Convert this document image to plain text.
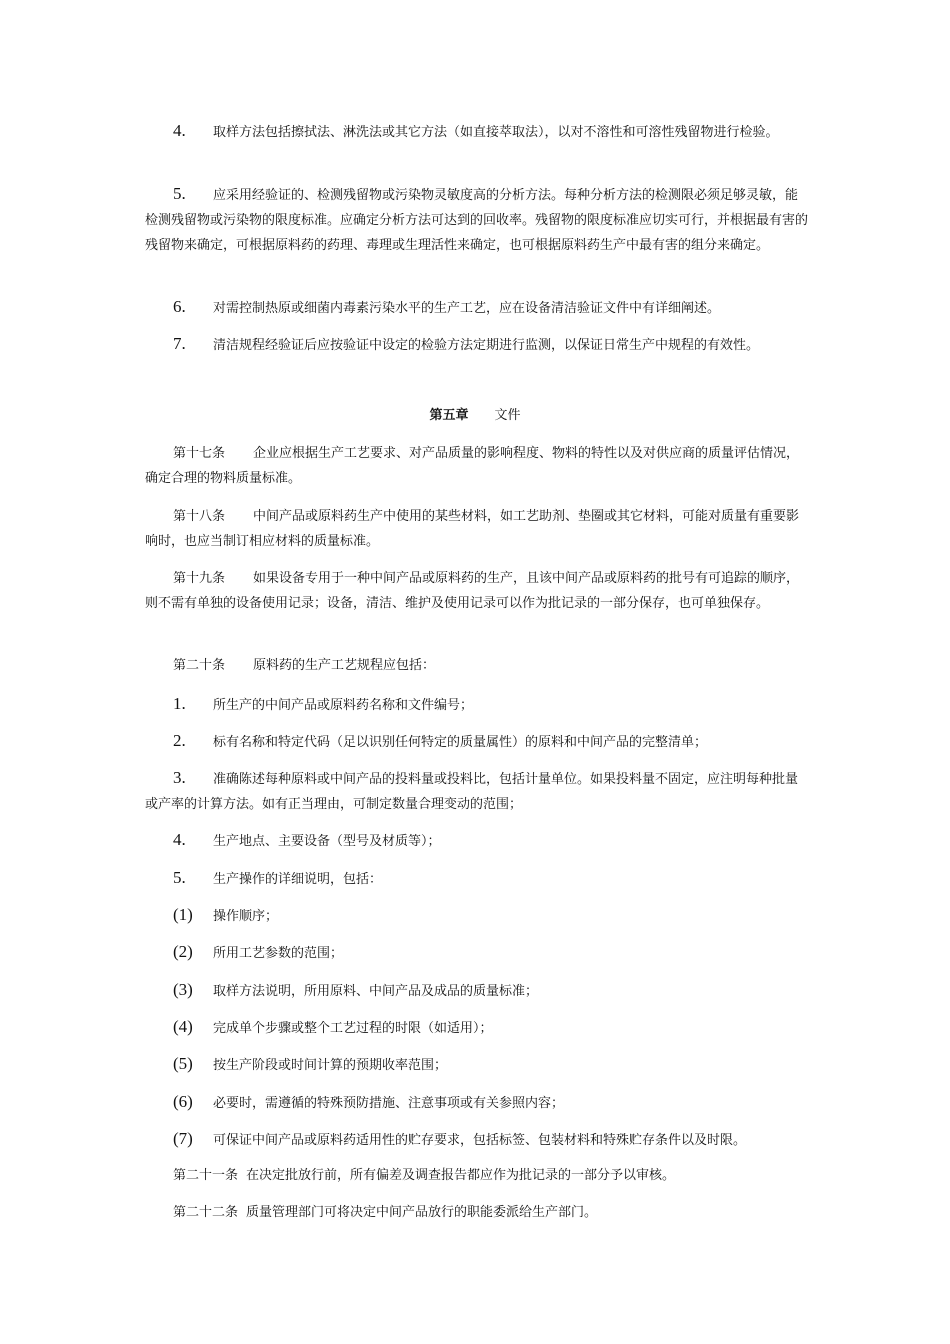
4. 取样方法包括擦拭法、淋洗法或其它方法（如直接萃取法），以对不溶性和可溶性残留物进行检验。
5. 应采用经验证的、检测残留物或污染物灵敏度高的分析方法。每种分析方法的检测限必须足够灵敏，能检测残留物或污染物的限度标准。应确定分析方法可达到的回收率。残留物的限度标准应切实可行，并根据最有害的残留物来确定，可根据原料药的药理、毒理或生理活性来确定，也可根据原料药生产中最有害的组分来确定。
6. 对需控制热原或细菌内毒素污染水平的生产工艺，应在设备清洁验证文件中有详细阐述。
7. 清洁规程经验证后应按验证中设定的检验方法定期进行监测，以保证日常生产中规程的有效性。
第五章 文件
第十七条 企业应根据生产工艺要求、对产品质量的影响程度、物料的特性以及对供应商的质量评估情况，确定合理的物料质量标准。
第十八条 中间产品或原料药生产中使用的某些材料，如工艺助剂、垫圈或其它材料，可能对质量有重要影响时，也应当制订相应材料的质量标准。
第十九条 如果设备专用于一种中间产品或原料药的生产，且该中间产品或原料药的批号有可追踪的顺序，则不需有单独的设备使用记录；设备，清洁、维护及使用记录可以作为批记录的一部分保存，也可单独保存。
第二十条 原料药的生产工艺规程应包括：
1. 所生产的中间产品或原料药名称和文件编号；
2. 标有名称和特定代码（足以识别任何特定的质量属性）的原料和中间产品的完整清单；
3. 准确陈述每种原料或中间产品的投料量或投料比，包括计量单位。如果投料量不固定，应注明每种批量或产率的计算方法。如有正当理由，可制定数量合理变动的范围；
4. 生产地点、主要设备（型号及材质等）；
5. 生产操作的详细说明，包括：
(1) 操作顺序；
(2) 所用工艺参数的范围；
(3) 取样方法说明，所用原料、中间产品及成品的质量标准；
(4) 完成单个步骤或整个工艺过程的时限（如适用）；
(5) 按生产阶段或时间计算的预期收率范围；
(6) 必要时，需遵循的特殊预防措施、注意事项或有关参照内容；
(7) 可保证中间产品或原料药适用性的贮存要求，包括标签、包装材料和特殊贮存条件以及时限。
第二十一条 在决定批放行前，所有偏差及调查报告都应作为批记录的一部分予以审核。
第二十二条 质量管理部门可将决定中间产品放行的职能委派给生产部门。
